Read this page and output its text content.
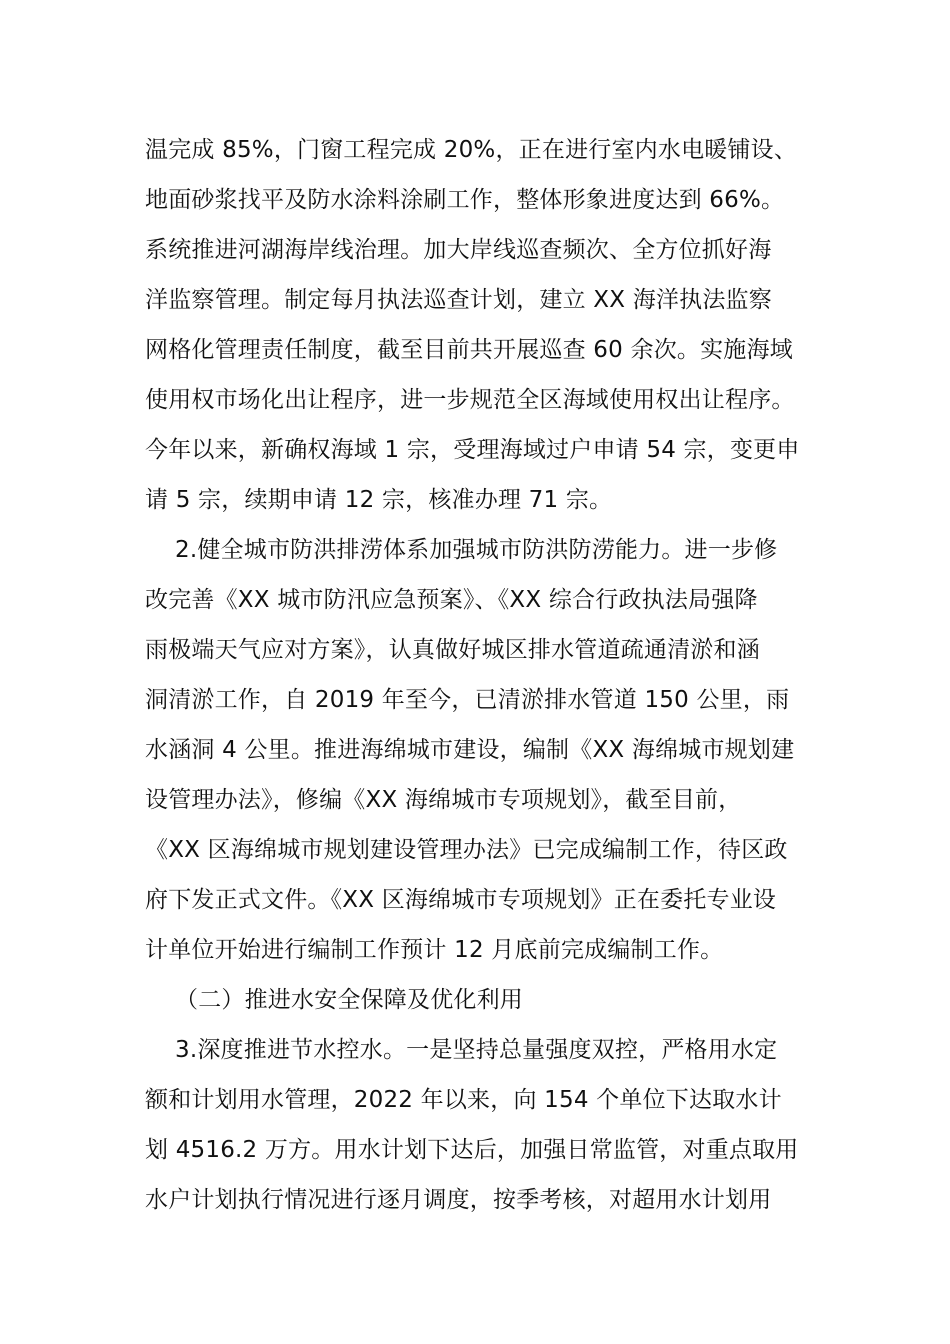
温完成 85%，门窗工程完成 20%，正在进行室内水电暖铺设、
地面砂浆找平及防水涂料涂刷工作，整体形象进度达到 66%。
系统推进河湖海岸线治理。加大岸线巡查频次、全方位抓好海
洋监察管理。制定每月执法巡查计划，建立 XX 海洋执法监察
网格化管理责任制度，截至目前共开展巡查 60 余次。实施海域
使用权市场化出让程序，进一步规范全区海域使用权出让程序。
今年以来，新确权海域 1 宗，受理海域过户申请 54 宗，变更申
请 5 宗，续期申请 12 宗，核准办理 71 宗。
2.健全城市防洪排涝体系加强城市防洪防涝能力。进一步修
改完善《XX 城市防汛应急预案》、《XX 综合行政执法局强降
雨极端天气应对方案》，认真做好城区排水管道疏通清淤和涵
洞清淤工作，自 2019 年至今，已清淤排水管道 150 公里，雨
水涵洞 4 公里。推进海绵城市建设，编制《XX 海绵城市规划建
设管理办法》，修编《XX 海绵城市专项规划》，截至目前，
《XX 区海绵城市规划建设管理办法》已完成编制工作，待区政
府下发正式文件。《XX 区海绵城市专项规划》正在委托专业设
计单位开始进行编制工作预计 12 月底前完成编制工作。
（二）推进水安全保障及优化利用
3.深度推进节水控水。一是坚持总量强度双控，严格用水定
额和计划用水管理，2022 年以来，向 154 个单位下达取水计
划 4516.2 万方。用水计划下达后，加强日常监管，对重点取用
水户计划执行情况进行逐月调度，按季考核，对超用水计划用
